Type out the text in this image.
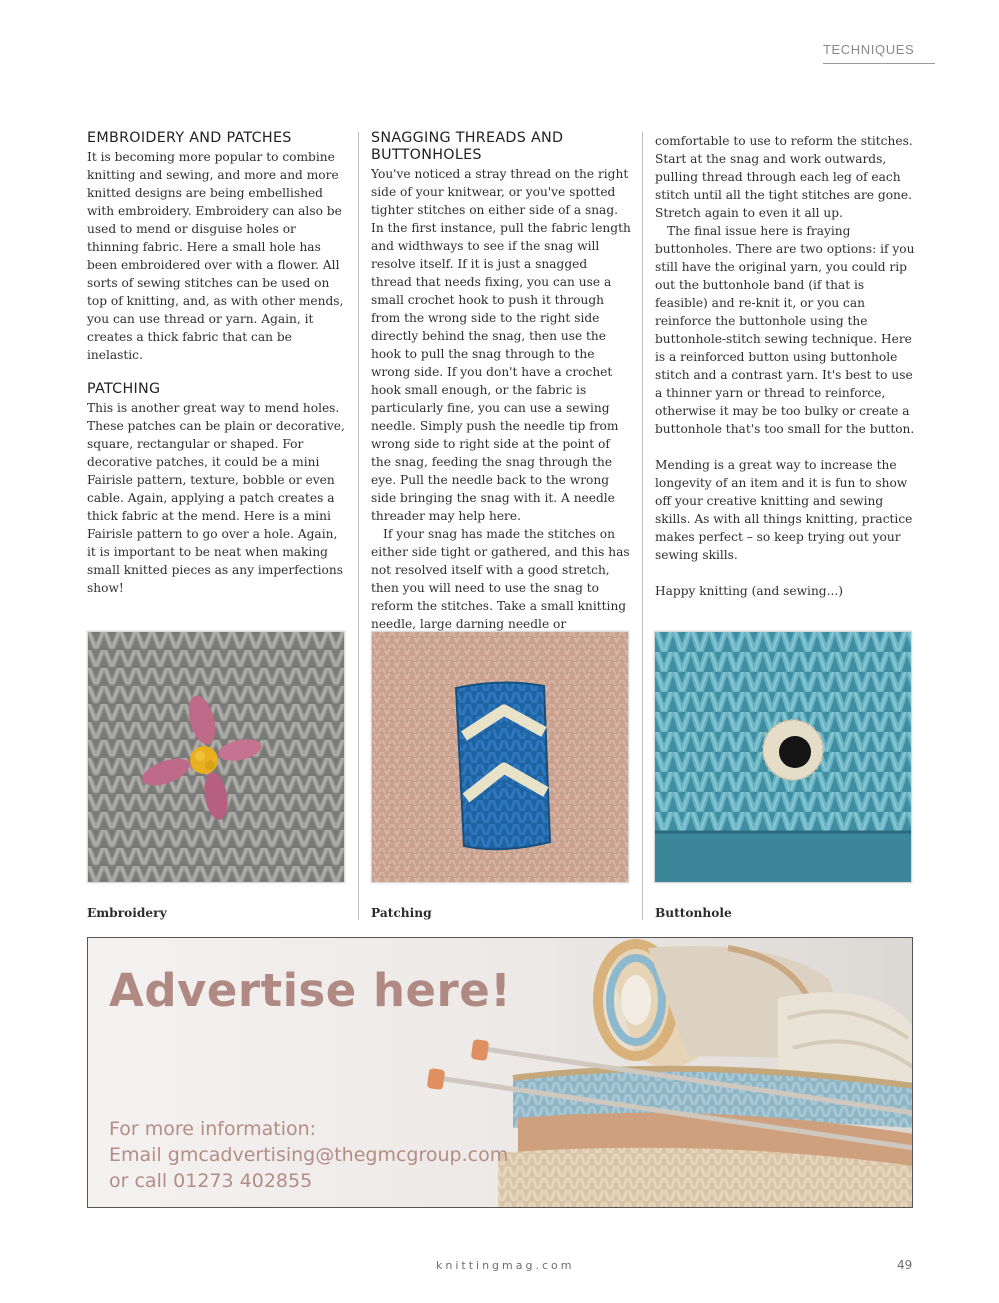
TECHNIQUES
EMBROIDERY AND PATCHES

It is becoming more popular to combine knitting and sewing, and more and more knitted designs are being embellished with embroidery. Embroidery can also be used to mend or disguise holes or thinning fabric. Here a small hole has been embroidered over with a flower. All sorts of sewing stitches can be used on top of knitting, and, as with other mends, you can use thread or yarn. Again, it creates a thick fabric that can be inelastic.

PATCHING

This is another great way to mend holes. These patches can be plain or decorative, square, rectangular or shaped. For decorative patches, it could be a mini Fairisle pattern, texture, bobble or even cable. Again, applying a patch creates a thick fabric at the mend. Here is a mini Fairisle pattern to go over a hole. Again, it is important to be neat when making small knitted pieces as any imperfections show!

SNAGGING THREADS AND BUTTONHOLES

You've noticed a stray thread on the right side of your knitwear, or you've spotted tighter stitches on either side of a snag. In the first instance, pull the fabric length and widthways to see if the snag will resolve itself. If it is just a snagged thread that needs fixing, you can use a small crochet hook to push it through from the wrong side to the right side directly behind the snag, then use the hook to pull the snag through to the wrong side. If you don't have a crochet hook small enough, or the fabric is particularly fine, you can use a sewing needle. Simply push the needle tip from wrong side to right side at the point of the snag, feeding the snag through the eye. Pull the needle back to the wrong side bringing the snag with it. A needle threader may help here.

If your snag has made the stitches on either side tight or gathered, and this has not resolved itself with a good stretch, then you will need to use the snag to reform the stitches. Take a small knitting needle, large darning needle or

comfortable to use to reform the stitches. Start at the snag and work outwards, pulling thread through each leg of each stitch until all the tight stitches are gone. Stretch again to even it all up.

The final issue here is fraying buttonholes. There are two options: if you still have the original yarn, you could rip out the buttonhole band (if that is feasible) and re-knit it, or you can reinforce the buttonhole using the buttonhole-stitch sewing technique. Here is a reinforced button using buttonhole stitch and a contrast yarn. It's best to use a thinner yarn or thread to reinforce, otherwise it may be too bulky or create a buttonhole that's too small for the button.

Mending is a great way to increase the longevity of an item and it is fun to show off your creative knitting and sewing skills. As with all things knitting, practice makes perfect – so keep trying out your sewing skills.

Happy knitting (and sewing...)

Embroidery	Patching	Buttonhole
Advertise here!
For more information:
Email gmcadvertising@thegmcgroup.com
or call 01273 402855
knittingmag.com	49
